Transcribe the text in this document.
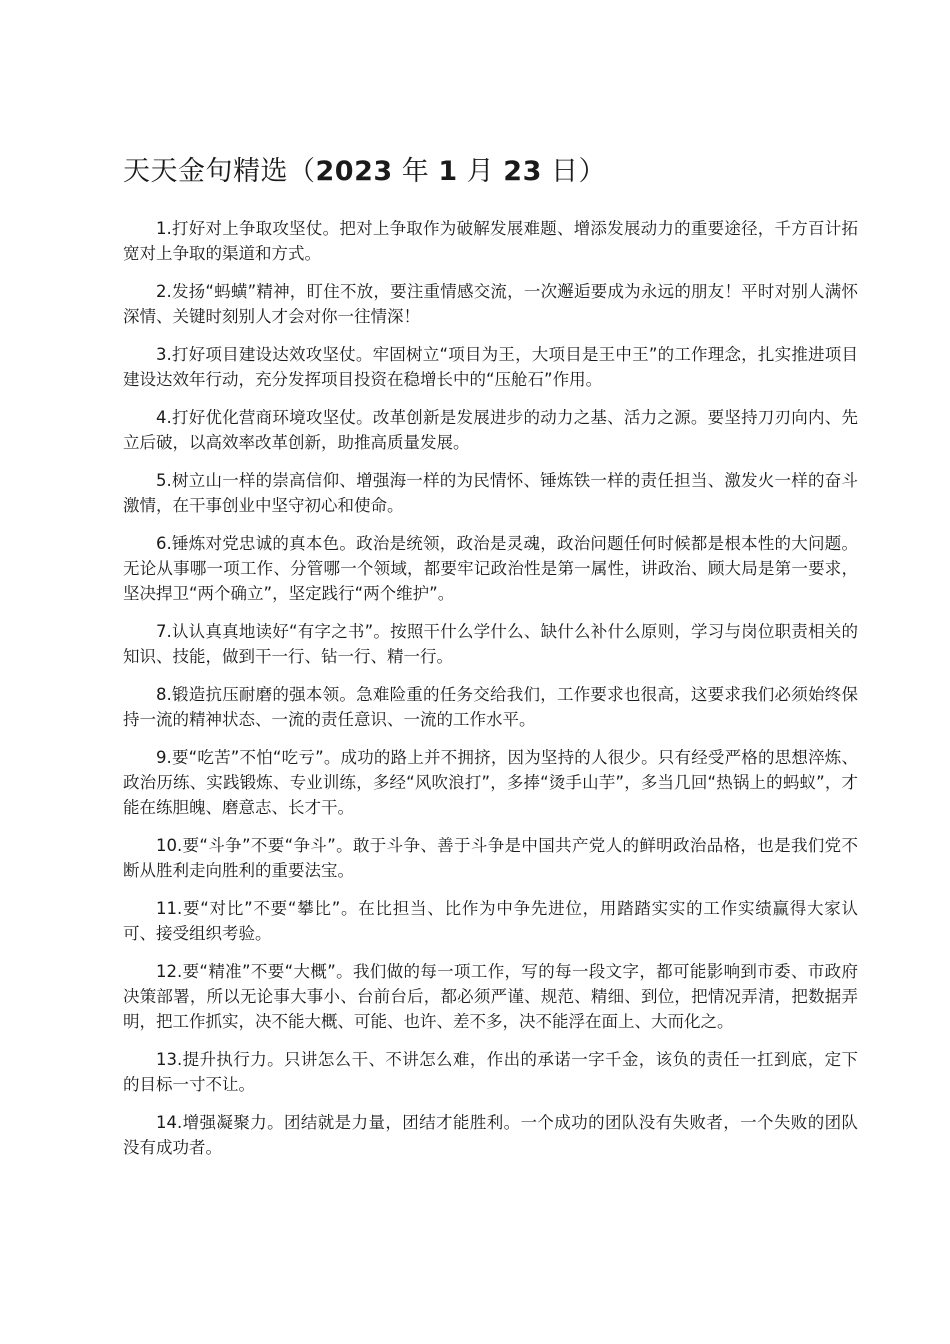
天天金句精选（2023 年 1 月 23 日）

1.打好对上争取攻坚仗。把对上争取作为破解发展难题、增添发展动力的重要途径，千方百计拓宽对上争取的渠道和方式。

2.发扬“蚂蟥”精神，盯住不放，要注重情感交流，一次邂逅要成为永远的朋友！平时对别人满怀深情、关键时刻别人才会对你一往情深！

3.打好项目建设达效攻坚仗。牢固树立“项目为王，大项目是王中王”的工作理念，扎实推进项目建设达效年行动，充分发挥项目投资在稳增长中的“压舱石”作用。

4.打好优化营商环境攻坚仗。改革创新是发展进步的动力之基、活力之源。要坚持刀刃向内、先立后破，以高效率改革创新，助推高质量发展。

5.树立山一样的崇高信仰、增强海一样的为民情怀、锤炼铁一样的责任担当、激发火一样的奋斗激情，在干事创业中坚守初心和使命。

6.锤炼对党忠诚的真本色。政治是统领，政治是灵魂，政治问题任何时候都是根本性的大问题。无论从事哪一项工作、分管哪一个领域，都要牢记政治性是第一属性，讲政治、顾大局是第一要求，坚决捍卫“两个确立”，坚定践行“两个维护”。

7.认认真真地读好“有字之书”。按照干什么学什么、缺什么补什么原则，学习与岗位职责相关的知识、技能，做到干一行、钻一行、精一行。

8.锻造抗压耐磨的强本领。急难险重的任务交给我们，工作要求也很高，这要求我们必须始终保持一流的精神状态、一流的责任意识、一流的工作水平。

9.要“吃苦”不怕“吃亏”。成功的路上并不拥挤，因为坚持的人很少。只有经受严格的思想淬炼、政治历练、实践锻炼、专业训练，多经“风吹浪打”，多捧“烫手山芋”，多当几回“热锅上的蚂蚁”，才能在练胆魄、磨意志、长才干。

10.要“斗争”不要“争斗”。敢于斗争、善于斗争是中国共产党人的鲜明政治品格，也是我们党不断从胜利走向胜利的重要法宝。

11.要“对比”不要“攀比”。在比担当、比作为中争先进位，用踏踏实实的工作实绩赢得大家认可、接受组织考验。

12.要“精准”不要“大概”。我们做的每一项工作，写的每一段文字，都可能影响到市委、市政府决策部署，所以无论事大事小、台前台后，都必须严谨、规范、精细、到位，把情况弄清，把数据弄明，把工作抓实，决不能大概、可能、也许、差不多，决不能浮在面上、大而化之。

13.提升执行力。只讲怎么干、不讲怎么难，作出的承诺一字千金，该负的责任一扛到底，定下的目标一寸不让。

14.增强凝聚力。团结就是力量，团结才能胜利。一个成功的团队没有失败者，一个失败的团队没有成功者。
